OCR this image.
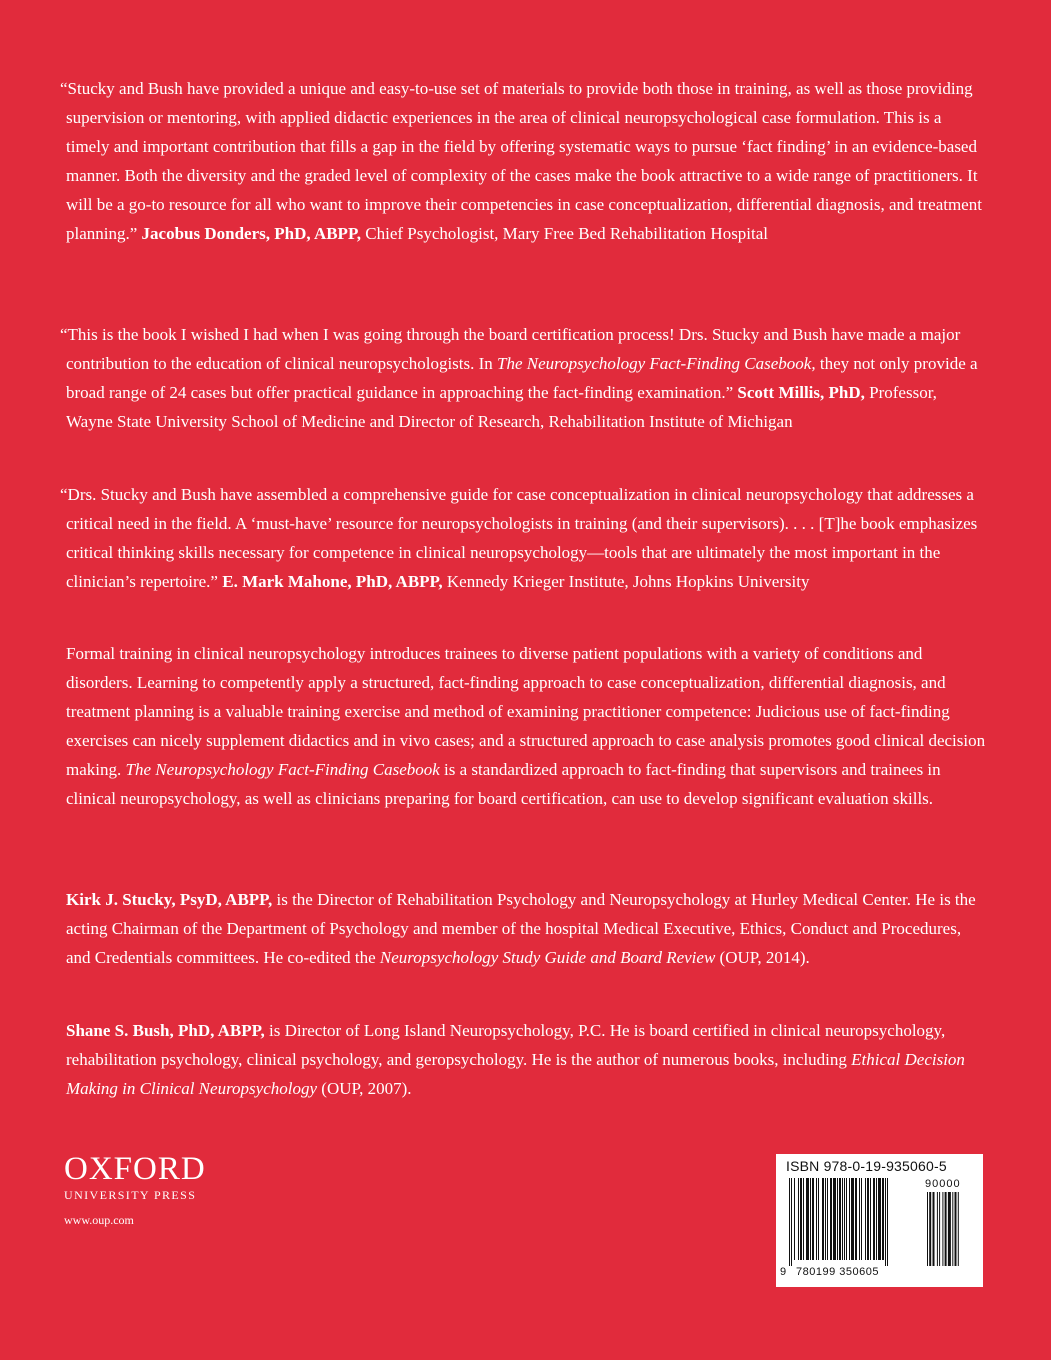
“Stucky and Bush have provided a unique and easy-to-use set of materials to provide both those in training, as well as those providing supervision or mentoring, with applied didactic experiences in the area of clinical neuropsychological case formulation. This is a timely and important contribution that fills a gap in the field by offering systematic ways to pursue ‘fact finding’ in an evidence-based manner. Both the diversity and the graded level of complexity of the cases make the book attractive to a wide range of practitioners. It will be a go-to resource for all who want to improve their competencies in case conceptualization, differential diagnosis, and treatment planning.” Jacobus Donders, PhD, ABPP, Chief Psychologist, Mary Free Bed Rehabilitation Hospital

“This is the book I wished I had when I was going through the board certification process! Drs. Stucky and Bush have made a major contribution to the education of clinical neuropsychologists. In The Neuropsychology Fact-Finding Casebook, they not only provide a broad range of 24 cases but offer practical guidance in approaching the fact-finding examination.” Scott Millis, PhD, Professor, Wayne State University School of Medicine and Director of Research, Rehabilitation Institute of Michigan

“Drs. Stucky and Bush have assembled a comprehensive guide for case conceptualization in clinical neuropsychology that addresses a critical need in the field. A ‘must-have’ resource for neuropsychologists in training (and their supervisors). . . . [T]he book emphasizes critical thinking skills necessary for competence in clinical neuropsychology—tools that are ultimately the most important in the clinician’s repertoire.” E. Mark Mahone, PhD, ABPP, Kennedy Krieger Institute, Johns Hopkins University

Formal training in clinical neuropsychology introduces trainees to diverse patient populations with a variety of conditions and disorders. Learning to competently apply a structured, fact-finding approach to case conceptualization, differential diagnosis, and treatment planning is a valuable training exercise and method of examining practitioner competence: Judicious use of fact-finding exercises can nicely supplement didactics and in vivo cases; and a structured approach to case analysis promotes good clinical decision making. The Neuropsychology Fact-Finding Casebook is a standardized approach to fact-finding that supervisors and trainees in clinical neuropsychology, as well as clinicians preparing for board certification, can use to develop significant evaluation skills.

Kirk J. Stucky, PsyD, ABPP, is the Director of Rehabilitation Psychology and Neuropsychology at Hurley Medical Center. He is the acting Chairman of the Department of Psychology and member of the hospital Medical Executive, Ethics, Conduct and Procedures, and Credentials committees. He co-edited the Neuropsychology Study Guide and Board Review (OUP, 2014).

Shane S. Bush, PhD, ABPP, is Director of Long Island Neuropsychology, P.C. He is board certified in clinical neuropsychology, rehabilitation psychology, clinical psychology, and geropsychology. He is the author of numerous books, including Ethical Decision Making in Clinical Neuropsychology (OUP, 2007).

OXFORD
UNIVERSITY PRESS
www.oup.com
ISBN 978-0-19-935060-5
90000
9 780199 350605
